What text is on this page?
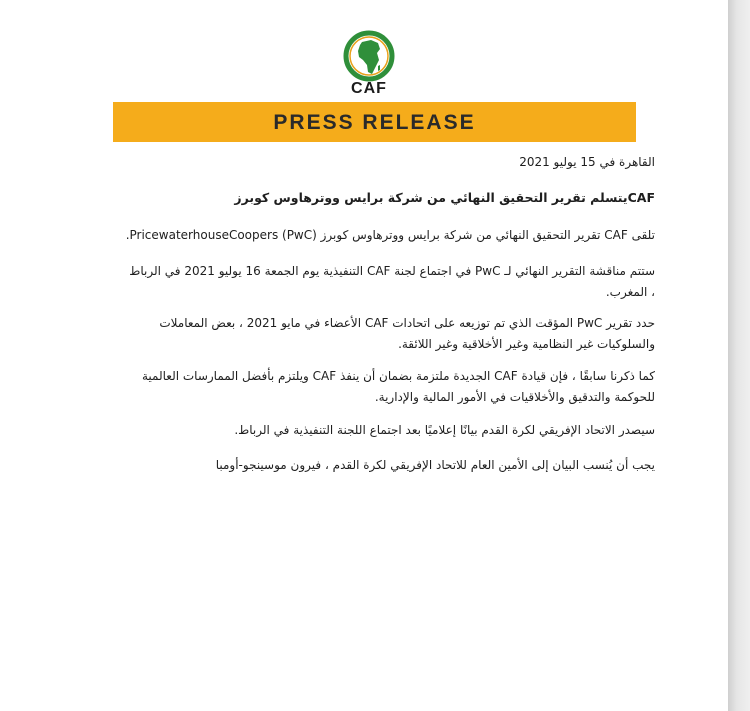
CAF
PRESS RELEASE
القاهرة في 15 يوليو 2021
CAFيتسلم تقرير التحقيق النهائي من شركة برايس ووترهاوس كوبرز
تلقى CAF تقرير التحقيق النهائي من شركة برايس ووترهاوس كوبرز PricewaterhouseCoopers (PwC).
ستتم مناقشة التقرير النهائي لـ PwC في اجتماع لجنة CAF التنفيذية يوم الجمعة 16 يوليو 2021 في الرباط ، المغرب.
حدد تقرير PwC المؤقت الذي تم توزيعه على اتحادات CAF الأعضاء في مايو 2021 ، بعض المعاملات والسلوكيات غير النظامية وغير الأخلاقية وغير اللائقة.
كما ذكرنا سابقًا ، فإن قيادة CAF الجديدة ملتزمة بضمان أن ينفذ CAF ويلتزم بأفضل الممارسات العالمية للحوكمة والتدقيق والأخلاقيات في الأمور المالية والإدارية.
سيصدر الاتحاد الإفريقي لكرة القدم بيانًا إعلاميًا بعد اجتماع اللجنة التنفيذية في الرباط.
يجب أن يُنسب البيان إلى الأمين العام للاتحاد الإفريقي لكرة القدم ، فيرون موسينجو-أومبا
